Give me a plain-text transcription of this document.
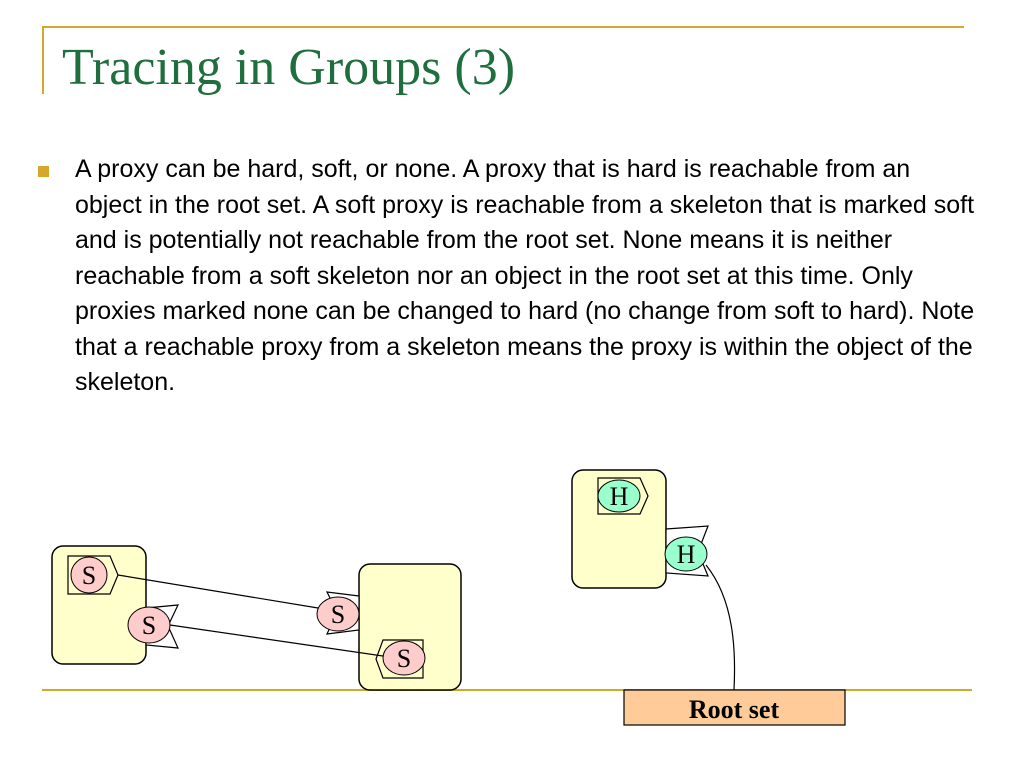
Tracing in Groups (3)

A proxy can be hard, soft, or none. A proxy that is hard is reachable from an object in the root set. A soft proxy is reachable from a skeleton that is marked soft and is potentially not reachable from the root set. None means it is neither reachable from a soft skeleton nor an object in the root set at this time. Only proxies marked none can be changed to hard (no change from soft to hard). Note that a reachable proxy from a skeleton means the proxy is within the object of the skeleton.

S
S	S
S
H
H
Root set
